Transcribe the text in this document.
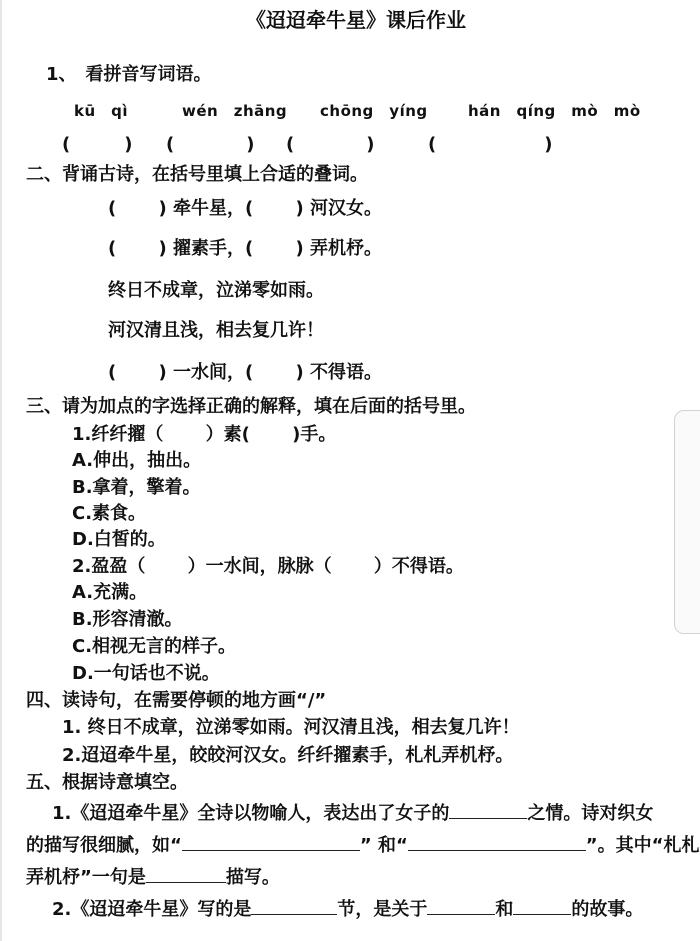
《迢迢牵牛星》课后作业
1、　看拼音写词语。
kū　qì	wén　zhāng chōng　yíng	hán　qíng　mò　mò
(　　　) (　　　　) (　　　　)	(　　　　　　)
二、背诵古诗，在括号里填上合适的叠词。
(　　 ) 牵牛星，(　　 ) 河汉女。
(　　 ) 擢素手，(　　 ) 弄机杼。
终日不成章，泣涕零如雨。
河汉清且浅，相去复几许！
(　　 ) 一水间，(　　 ) 不得语。
三、请为加点的字选择正确的解释，填在后面的括号里。
1.纤纤擢（　　 ）素(　　 )手。
A.伸出，抽出。
B.拿着，擎着。
C.素食。
D.白皙的。
2.盈盈（　　 ）一水间，脉脉（　　 ）不得语。
A.充满。
B.形容清澈。
C.相视无言的样子。
D.一句话也不说。
四、读诗句，在需要停顿的地方画“/”
1. 终日不成章，泣涕零如雨。河汉清且浅，相去复几许！
2.迢迢牵牛星，皎皎河汉女。纤纤擢素手，札札弄机杼。
五、根据诗意填空。
1.《迢迢牵牛星》全诗以物喻人，表达出了女子的	之情。诗对织女
的描写很细腻，如“	” 和“	”。其中“札札
弄机杼”一句是	描写。
2.《迢迢牵牛星》写的是	节，是关于	和	的故事。
